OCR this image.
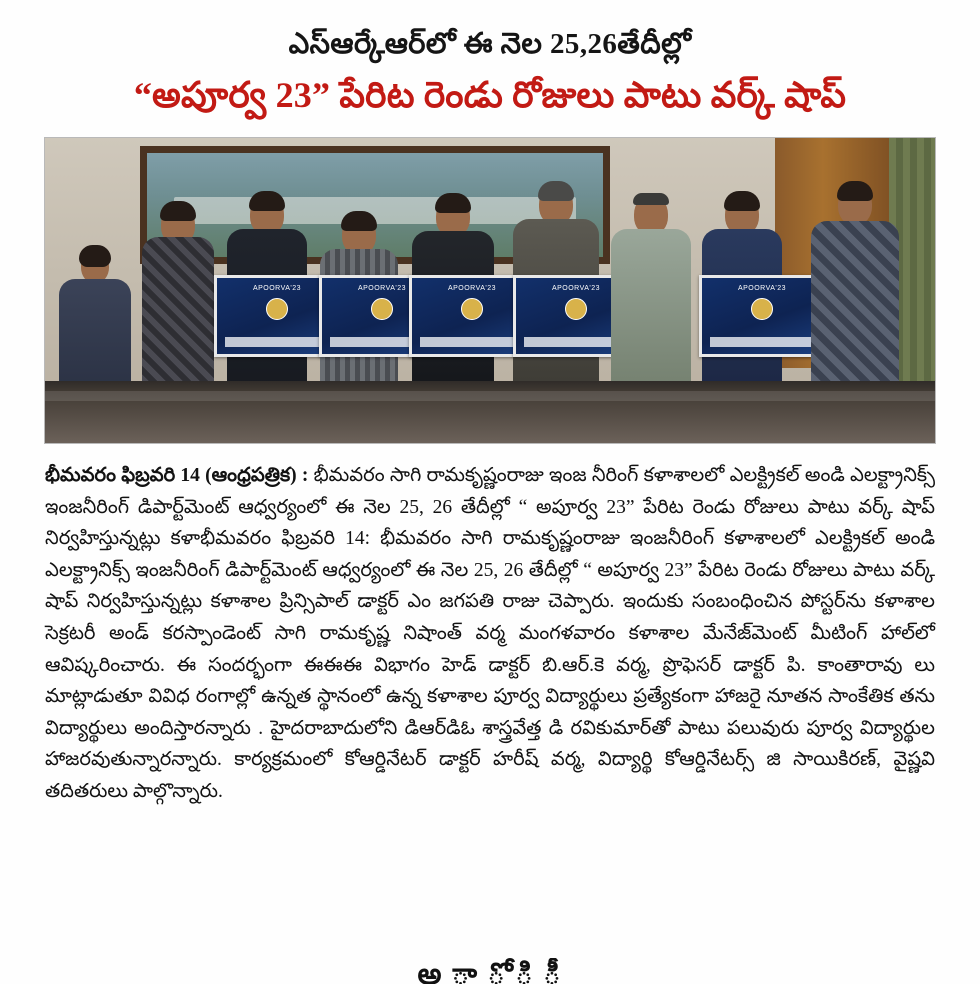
ఎస్ఆర్కేఆర్‌లో ఈ నెల 25,26తేదీల్లో
“అపూర్వ 23” పేరిట రెండు రోజులు పాటు వర్క్ షాప్
APOORVA'23	APOORVA'23	APOORVA'23	APOORVA'23	APOORVA'23
భీమవరం ఫిబ్రవరి 14 (ఆంధ్రపత్రిక) : భీమవరం సాగి రామకృష్ణంరాజు ఇంజ నీరింగ్ కళాశాలలో ఎలక్ట్రికల్ అండి ఎలక్ట్రానిక్స్ ఇంజనీరింగ్ డిపార్ట్‌మెంట్ ఆధ్వర్యంలో ఈ నెల 25, 26 తేదీల్లో “ అపూర్వ 23” పేరిట రెండు రోజులు పాటు వర్క్ షాప్ నిర్వహిస్తున్నట్లు కళాభీమవరం ఫిబ్రవరి 14: భీమవరం సాగి రామకృష్ణంరాజు ఇంజనీరింగ్ కళాశాలలో ఎలక్ట్రికల్ అండి ఎలక్ట్రానిక్స్ ఇంజనీరింగ్ డిపార్ట్‌మెంట్ ఆధ్వర్యంలో ఈ నెల 25, 26 తేదీల్లో “ అపూర్వ 23” పేరిట రెండు రోజులు పాటు వర్క్ షాప్ నిర్వహిస్తున్నట్లు కళాశాల ప్రిన్సిపాల్ డాక్టర్ ఎం జగపతి రాజు చెప్పారు. ఇందుకు సంబంధించిన పోస్టర్‌ను కళాశాల సెక్రటరీ అండ్ కరస్పాండెంట్ సాగి రామకృష్ణ నిషాంత్ వర్మ మంగళవారం కళాశాల మేనేజ్‌మెంట్ మీటింగ్ హాల్‌లో ఆవిష్కరించారు. ఈ సందర్భంగా ఈఈఈ విభాగం హెడ్ డాక్టర్ బి.ఆర్.కె వర్మ, ప్రొఫెసర్ డాక్టర్ పి. కాంతారావు లు మాట్లాడుతూ వివిధ రంగాల్లో ఉన్నత స్థానంలో ఉన్న కళాశాల పూర్వ విద్యార్థులు ప్రత్యేకంగా హాజరై నూతన సాంకేతిక తను విద్యార్థులు అందిస్తారన్నారు . హైదరాబాదులోని డిఆర్‌డిఓ శాస్త్రవేత్త డి రవికుమార్‌తో పాటు పలువురు పూర్వ విద్యార్థుల హాజరవుతున్నారన్నారు. కార్యక్రమంలో కోఆర్డినేటర్ డాక్టర్ హరీష్ వర్మ, విద్యార్థి కోఆర్డినేటర్స్ జి సాయికిరణ్, వైష్ణవి తదితరులు పాల్గొన్నారు.
అ ా ో ి ీ
